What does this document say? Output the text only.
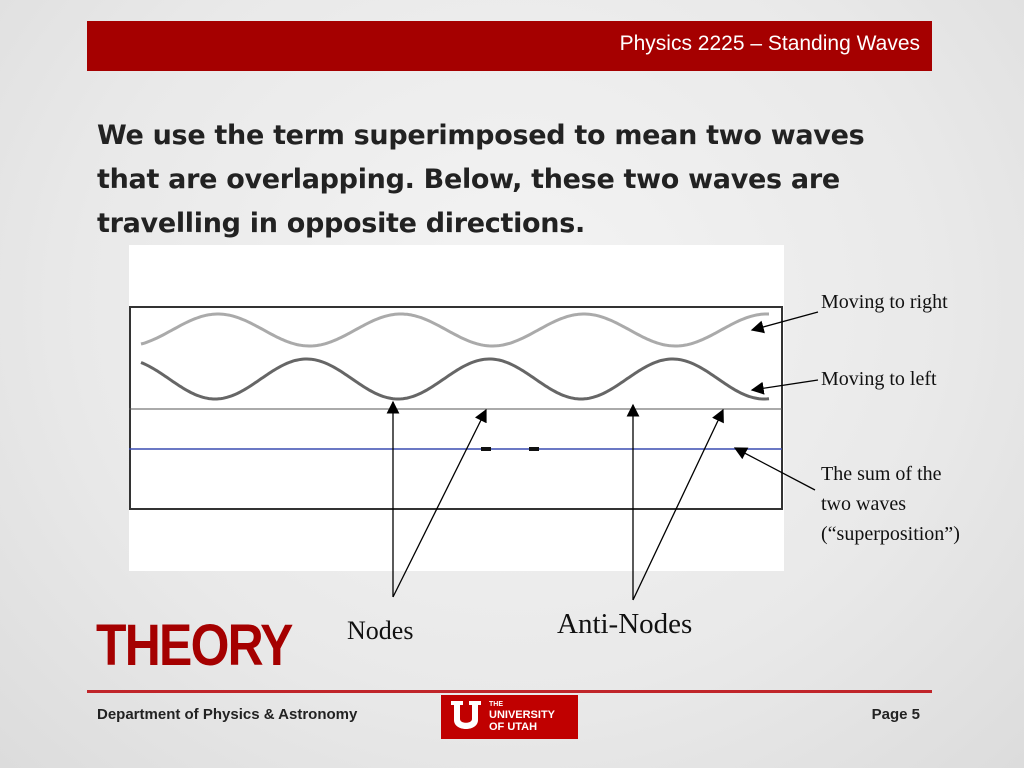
Physics 2225 – Standing Waves
We use the term superimposed to mean two waves that are overlapping. Below, these two waves are travelling in opposite directions.
Moving to right
Moving to left
The sum of the
two waves
(“superposition”)
Nodes	Anti-Nodes
THEORY
Department of Physics & Astronomy	Page 5
THE
UNIVERSITY
OF UTAH
